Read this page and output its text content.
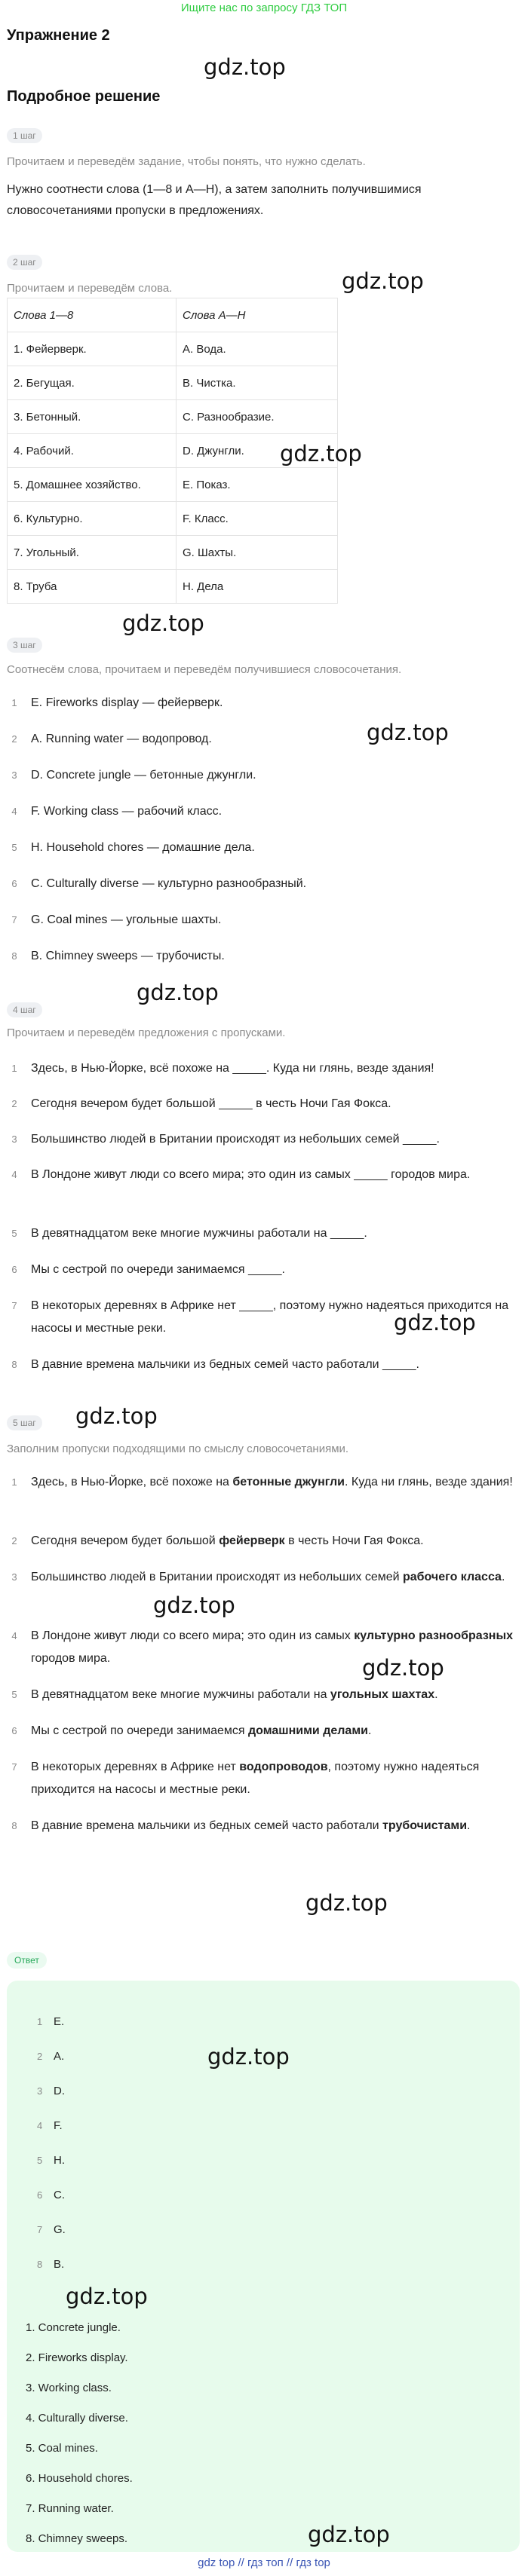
Ищите нас по запросу ГДЗ ТОП
Упражнение 2
Подробное решение
gdz.top
1 шаг
Прочитаем и переведём задание, чтобы понять, что нужно сделать.
Нужно соотнести слова (1—8 и A—H), а затем заполнить получившимися словосочетаниями пропуски в предложениях.
2 шаг
gdz.top
Прочитаем и переведём слова.
Слова 1—8	Слова A—H
1. Фейерверк.	A. Вода.
2. Бегущая.	B. Чистка.
3. Бетонный.	C. Разнообразие.
4. Рабочий.	D. Джунгли.
5. Домашнее хозяйство.	E. Показ.
6. Культурно.	F. Класс.
7. Угольный.	G. Шахты.
8. Труба	H. Дела
gdz.top
gdz.top
3 шаг
Соотнесём слова, прочитаем и переведём получившиеся словосочетания.
gdz.top
1 E. Fireworks display — фейерверк.
2 A. Running water — водопровод.
3 D. Concrete jungle — бетонные джунгли.
4 F. Working class — рабочий класс.
5 H. Household chores — домашние дела.
6 C. Culturally diverse — культурно разнообразный.
7 G. Coal mines — угольные шахты.
8 B. Chimney sweeps — трубочисты.
gdz.top
4 шаг
Прочитаем и переведём предложения с пропусками.
1 Здесь, в Нью-Йорке, всё похоже на _____. Куда ни глянь, везде здания!
2 Сегодня вечером будет большой _____ в честь Ночи Гая Фокса.
3 Большинство людей в Британии происходят из небольших семей _____.
4 В Лондоне живут люди со всего мира; это один из самых _____ городов мира.
5 В девятнадцатом веке многие мужчины работали на _____.
6 Мы с сестрой по очереди занимаемся _____.
7 В некоторых деревнях в Африке нет _____, поэтому нужно надеяться приходится на насосы и местные реки.	gdz.top
8 В давние времена мальчики из бедных семей часто работали _____.
5 шаг gdz.top
Заполним пропуски подходящими по смыслу словосочетаниями.
1 Здесь, в Нью-Йорке, всё похоже на бетонные джунгли. Куда ни глянь, везде здания!
2 Сегодня вечером будет большой фейерверк в честь Ночи Гая Фокса.
3 Большинство людей в Британии происходят из небольших семей рабочего класса.
gdz.top
4 В Лондоне живут люди со всего мира; это один из самых культурно разнообразных городов мира.	gdz.top
5 В девятнадцатом веке многие мужчины работали на угольных шахтах.
6 Мы с сестрой по очереди занимаемся домашними делами.
7 В некоторых деревнях в Африке нет водопроводов, поэтому нужно надеяться приходится на насосы и местные реки.
8 В давние времена мальчики из бедных семей часто работали трубочистами.
gdz.top
Ответ
1 E.
2 A.
3 D.
4 F.
5 H.
6 C.
7 G.
8 B.
gdz.top
gdz.top
1. Concrete jungle.
2. Fireworks display.
3. Working class.
4. Culturally diverse.
5. Coal mines.
6. Household chores.
7. Running water.
8. Chimney sweeps.	gdz.top
gdz top // гдз топ // гдз top
